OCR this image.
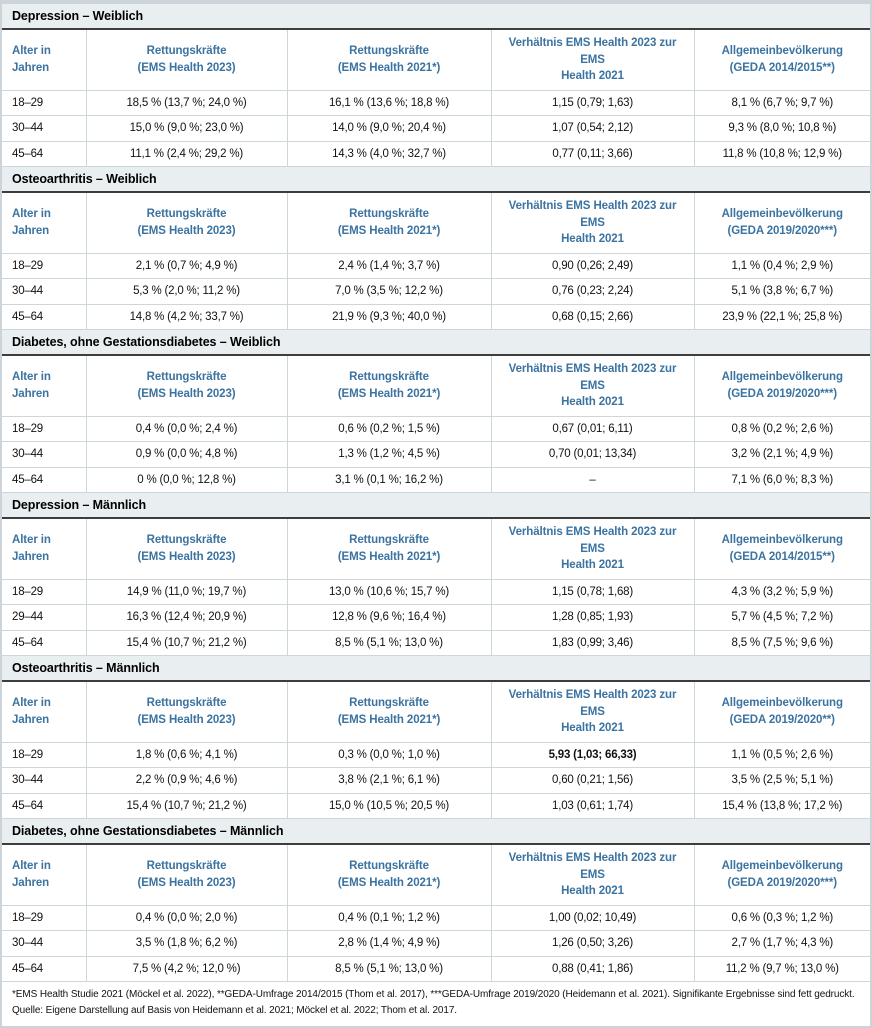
Depression – Weiblich
Alter in
Jahren

Rettungskräfte
(EMS Health 2023)

Rettungskräfte
(EMS Health 2021*)

Verhältnis EMS Health 2023 zur EMS
Health 2021

Allgemeinbevölkerung
(GEDA 2014/2015**)

18–29	18,5 % (13,7 %; 24,0 %)	16,1 % (13,6 %; 18,8 %)	1,15 (0,79; 1,63)	8,1 % (6,7 %; 9,7 %)
30–44	15,0 % (9,0 %; 23,0 %)	14,0 % (9,0 %; 20,4 %)	1,07 (0,54; 2,12)	9,3 % (8,0 %; 10,8 %)
45–64	11,1 % (2,4 %; 29,2 %)	14,3 % (4,0 %; 32,7 %)	0,77 (0,11; 3,66)	11,8 % (10,8 %; 12,9 %)
Osteoarthritis – Weiblich
Alter in
Jahren

Rettungskräfte
(EMS Health 2023)

Rettungskräfte
(EMS Health 2021*)

Verhältnis EMS Health 2023 zur EMS
Health 2021

Allgemeinbevölkerung
(GEDA 2019/2020***)

18–29	2,1 % (0,7 %; 4,9 %)	2,4 % (1,4 %; 3,7 %)	0,90 (0,26; 2,49)	1,1 % (0,4 %; 2,9 %)
30–44	5,3 % (2,0 %; 11,2 %)	7,0 % (3,5 %; 12,2 %)	0,76 (0,23; 2,24)	5,1 % (3,8 %; 6,7 %)
45–64	14,8 % (4,2 %; 33,7 %)	21,9 % (9,3 %; 40,0 %)	0,68 (0,15; 2,66)	23,9 % (22,1 %; 25,8 %)
Diabetes, ohne Gestationsdiabetes – Weiblich
Alter in
Jahren

Rettungskräfte
(EMS Health 2023)

Rettungskräfte
(EMS Health 2021*)

Verhältnis EMS Health 2023 zur EMS
Health 2021

Allgemeinbevölkerung
(GEDA 2019/2020***)

18–29	0,4 % (0,0 %; 2,4 %)	0,6 % (0,2 %; 1,5 %)	0,67 (0,01; 6,11)	0,8 % (0,2 %; 2,6 %)
30–44	0,9 % (0,0 %; 4,8 %)	1,3 % (1,2 %; 4,5 %)	0,70 (0,01; 13,34)	3,2 % (2,1 %; 4,9 %)
45–64	0 % (0,0 %; 12,8 %)	3,1 % (0,1 %; 16,2 %)	–	7,1 % (6,0 %; 8,3 %)
Depression – Männlich
Alter in
Jahren

Rettungskräfte
(EMS Health 2023)

Rettungskräfte
(EMS Health 2021*)

Verhältnis EMS Health 2023 zur EMS
Health 2021

Allgemeinbevölkerung
(GEDA 2014/2015**)

18–29	14,9 % (11,0 %; 19,7 %)	13,0 % (10,6 %; 15,7 %)	1,15 (0,78; 1,68)	4,3 % (3,2 %; 5,9 %)
29–44	16,3 % (12,4 %; 20,9 %)	12,8 % (9,6 %; 16,4 %)	1,28 (0,85; 1,93)	5,7 % (4,5 %; 7,2 %)
45–64	15,4 % (10,7 %; 21,2 %)	8,5 % (5,1 %; 13,0 %)	1,83 (0,99; 3,46)	8,5 % (7,5 %; 9,6 %)
Osteoarthritis – Männlich
Alter in
Jahren

Rettungskräfte
(EMS Health 2023)

Rettungskräfte
(EMS Health 2021*)

Verhältnis EMS Health 2023 zur EMS
Health 2021

Allgemeinbevölkerung
(GEDA 2019/2020**)

18–29	1,8 % (0,6 %; 4,1 %)	0,3 % (0,0 %; 1,0 %)	5,93 (1,03; 66,33)	1,1 % (0,5 %; 2,6 %)
30–44	2,2 % (0,9 %; 4,6 %)	3,8 % (2,1 %; 6,1 %)	0,60 (0,21; 1,56)	3,5 % (2,5 %; 5,1 %)
45–64	15,4 % (10,7 %; 21,2 %)	15,0 % (10,5 %; 20,5 %)	1,03 (0,61; 1,74)	15,4 % (13,8 %; 17,2 %)
Diabetes, ohne Gestationsdiabetes – Männlich
Alter in
Jahren

Rettungskräfte
(EMS Health 2023)

Rettungskräfte
(EMS Health 2021*)

Verhältnis EMS Health 2023 zur EMS
Health 2021

Allgemeinbevölkerung
(GEDA 2019/2020***)

18–29	0,4 % (0,0 %; 2,0 %)	0,4 % (0,1 %; 1,2 %)	1,00 (0,02; 10,49)	0,6 % (0,3 %; 1,2 %)
30–44	3,5 % (1,8 %; 6,2 %)	2,8 % (1,4 %; 4,9 %)	1,26 (0,50; 3,26)	2,7 % (1,7 %; 4,3 %)
45–64	7,5 % (4,2 %; 12,0 %)	8,5 % (5,1 %; 13,0 %)	0,88 (0,41; 1,86)	11,2 % (9,7 %; 13,0 %)
*EMS Health Studie 2021 (Möckel et al. 2022), **GEDA-Umfrage 2014/2015 (Thom et al. 2017), ***GEDA-Umfrage 2019/2020 (Heidemann et al. 2021). Signifikante Ergebnisse sind fett gedruckt.
Quelle: Eigene Darstellung auf Basis von Heidemann et al. 2021; Möckel et al. 2022; Thom et al. 2017.
